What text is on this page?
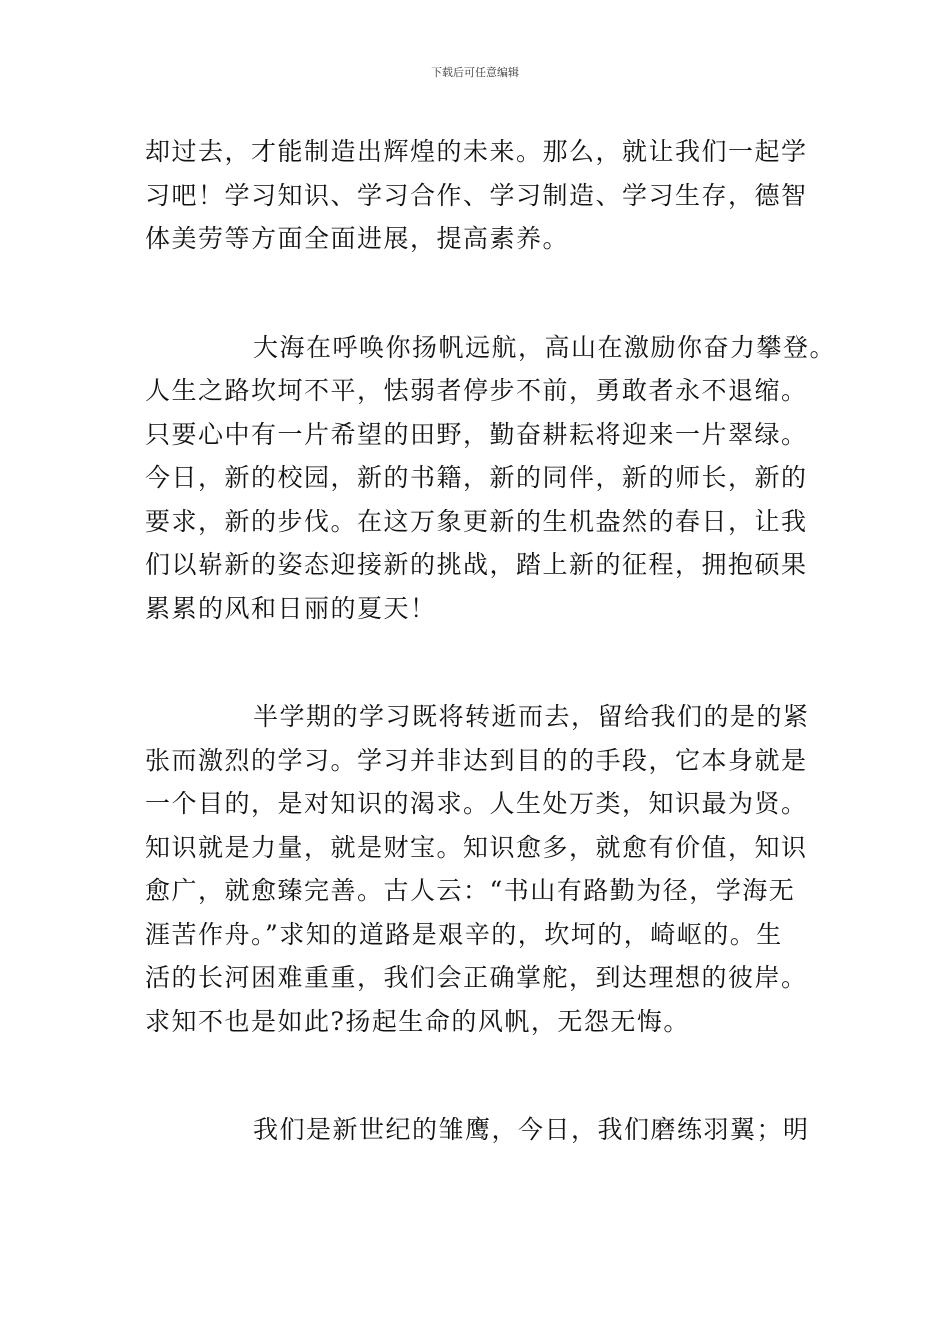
下载后可任意编辑

却过去，才能制造出辉煌的未来。那么，就让我们一起学
习吧！学习知识、学习合作、学习制造、学习生存，德智
体美劳等方面全面进展，提高素养。

大海在呼唤你扬帆远航，高山在激励你奋力攀登。
人生之路坎坷不平，怯弱者停步不前，勇敢者永不退缩。
只要心中有一片希望的田野，勤奋耕耘将迎来一片翠绿。
今日，新的校园，新的书籍，新的同伴，新的师长，新的
要求，新的步伐。在这万象更新的生机盎然的春日，让我
们以崭新的姿态迎接新的挑战，踏上新的征程，拥抱硕果
累累的风和日丽的夏天！

半学期的学习既将转逝而去，留给我们的是的紧
张而激烈的学习。学习并非达到目的的手段，它本身就是
一个目的，是对知识的渴求。人生处万类，知识最为贤。
知识就是力量，就是财宝。知识愈多，就愈有价值，知识
愈广，就愈臻完善。古人云：“书山有路勤为径，学海无
涯苦作舟。”求知的道路是艰辛的，坎坷的，崎岖的。生
活的长河困难重重，我们会正确掌舵，到达理想的彼岸。
求知不也是如此?扬起生命的风帆，无怨无悔。

我们是新世纪的雏鹰，今日，我们磨练羽翼；明
